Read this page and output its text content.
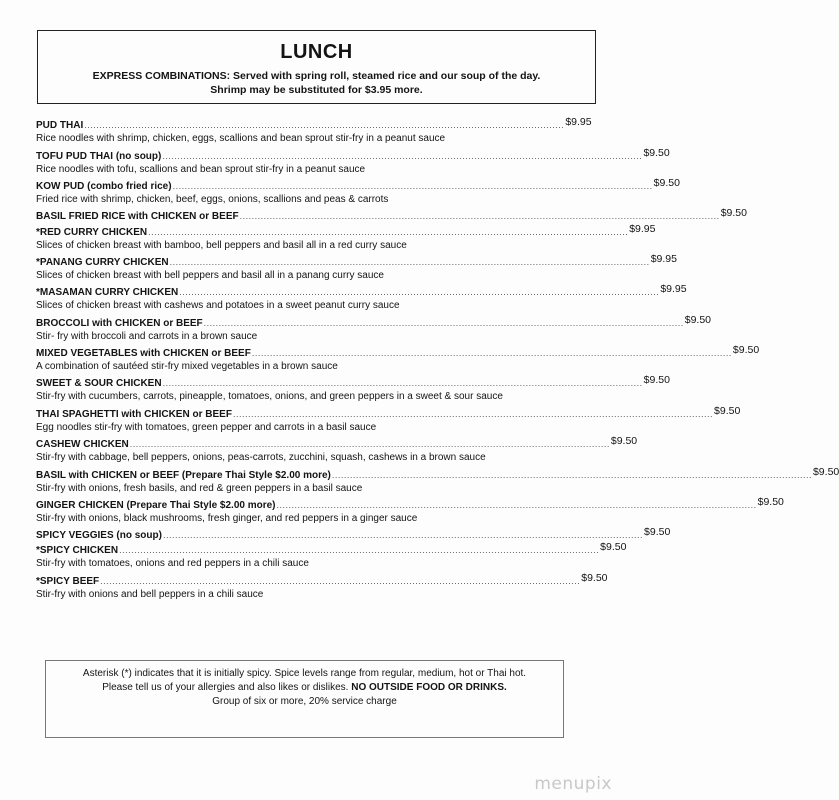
LUNCH
EXPRESS COMBINATIONS: Served with spring roll, steamed rice and our soup of the day.
Shrimp may be substituted for $3.95 more.
PUD THAI ................................................................................................................................................................ $9.95
Rice noodles with shrimp, chicken, eggs, scallions and bean sprout stir-fry in a peanut sauce
TOFU PUD THAI (no soup) ................................................................................................................................................................ $9.50
Rice noodles with tofu, scallions and bean sprout stir-fry in a peanut sauce
KOW PUD (combo fried rice) ................................................................................................................................................................ $9.50
Fried rice with shrimp, chicken, beef, eggs, onions, scallions and peas & carrots
BASIL FRIED RICE with CHICKEN or BEEF ................................................................................................................................................................ $9.50
*RED CURRY CHICKEN ................................................................................................................................................................ $9.95
Slices of chicken breast with bamboo, bell peppers and basil all in a red curry sauce
*PANANG CURRY CHICKEN ................................................................................................................................................................ $9.95
Slices of chicken breast with bell peppers and basil all in a panang curry sauce
*MASAMAN CURRY CHICKEN ................................................................................................................................................................ $9.95
Slices of chicken breast with cashews and potatoes in a sweet peanut curry sauce
BROCCOLI with CHICKEN or BEEF ................................................................................................................................................................ $9.50
Stir- fry with broccoli and carrots in a brown sauce
MIXED VEGETABLES with CHICKEN or BEEF ................................................................................................................................................................ $9.50
A combination of sautéed stir-fry mixed vegetables in a brown sauce
SWEET & SOUR CHICKEN ................................................................................................................................................................ $9.50
Stir-fry with cucumbers, carrots, pineapple, tomatoes, onions, and green peppers in a sweet & sour sauce
THAI SPAGHETTI with CHICKEN or BEEF ................................................................................................................................................................ $9.50
Egg noodles stir-fry with tomatoes, green pepper and carrots in a basil sauce
CASHEW CHICKEN ................................................................................................................................................................ $9.50
Stir-fry with cabbage, bell peppers, onions, peas-carrots, zucchini, squash, cashews in a brown sauce
BASIL with CHICKEN or BEEF (Prepare Thai Style $2.00 more) ................................................................................................................................................................ $9.50
Stir-fry with onions, fresh basils, and red & green peppers in a basil sauce
GINGER CHICKEN (Prepare Thai Style $2.00 more) ................................................................................................................................................................ $9.50
Stir-fry with onions, black mushrooms, fresh ginger, and red peppers in a ginger sauce
SPICY VEGGIES (no soup) ................................................................................................................................................................ $9.50
*SPICY CHICKEN ................................................................................................................................................................ $9.50
Stir-fry with tomatoes, onions and red peppers in a chili sauce
*SPICY BEEF ................................................................................................................................................................ $9.50
Stir-fry with onions and bell peppers in a chili sauce
Asterisk (*) indicates that it is initially spicy. Spice levels range from regular, medium, hot or Thai hot.
Please tell us of your allergies and also likes or dislikes. NO OUTSIDE FOOD OR DRINKS.
Group of six or more, 20% service charge
menupix
